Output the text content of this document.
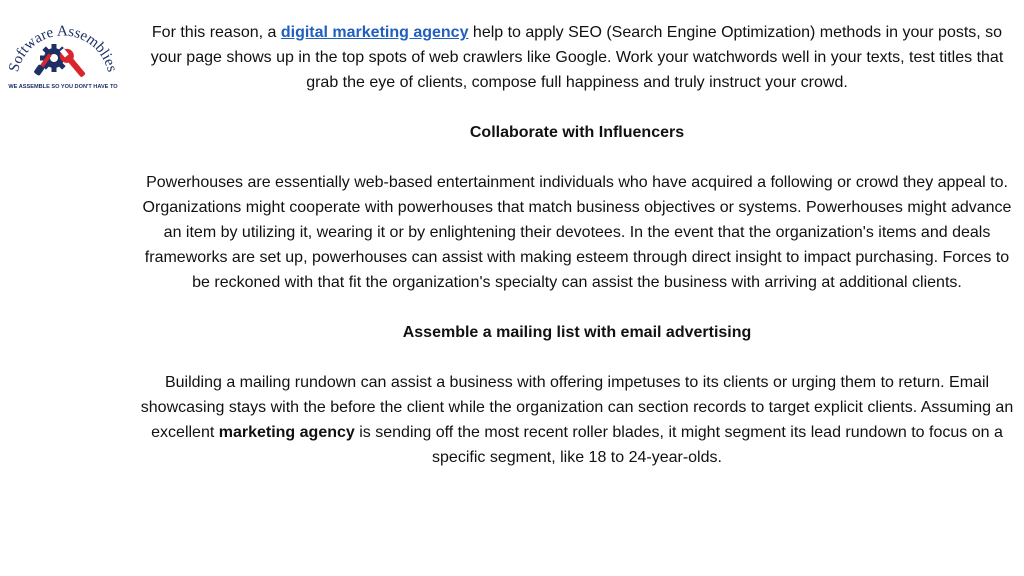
Software Assemblies
WE ASSEMBLE SO YOU DON'T HAVE TO

For this reason, a digital marketing agency help to apply SEO (Search Engine Optimization) methods in your posts, so your page shows up in the top spots of web crawlers like Google. Work your watchwords well in your texts, test titles that grab the eye of clients, compose full happiness and truly instruct your crowd.

Collaborate with Influencers

Powerhouses are essentially web-based entertainment individuals who have acquired a following or crowd they appeal to. Organizations might cooperate with powerhouses that match business objectives or systems. Powerhouses might advance an item by utilizing it, wearing it or by enlightening their devotees. In the event that the organization's items and deals frameworks are set up, powerhouses can assist with making esteem through direct insight to impact purchasing. Forces to be reckoned with that fit the organization's specialty can assist the business with arriving at additional clients.

Assemble a mailing list with email advertising

Building a mailing rundown can assist a business with offering impetuses to its clients or urging them to return. Email showcasing stays with the before the client while the organization can section records to target explicit clients. Assuming an excellent marketing agency is sending off the most recent roller blades, it might segment its lead rundown to focus on a specific segment, like 18 to 24-year-olds.
